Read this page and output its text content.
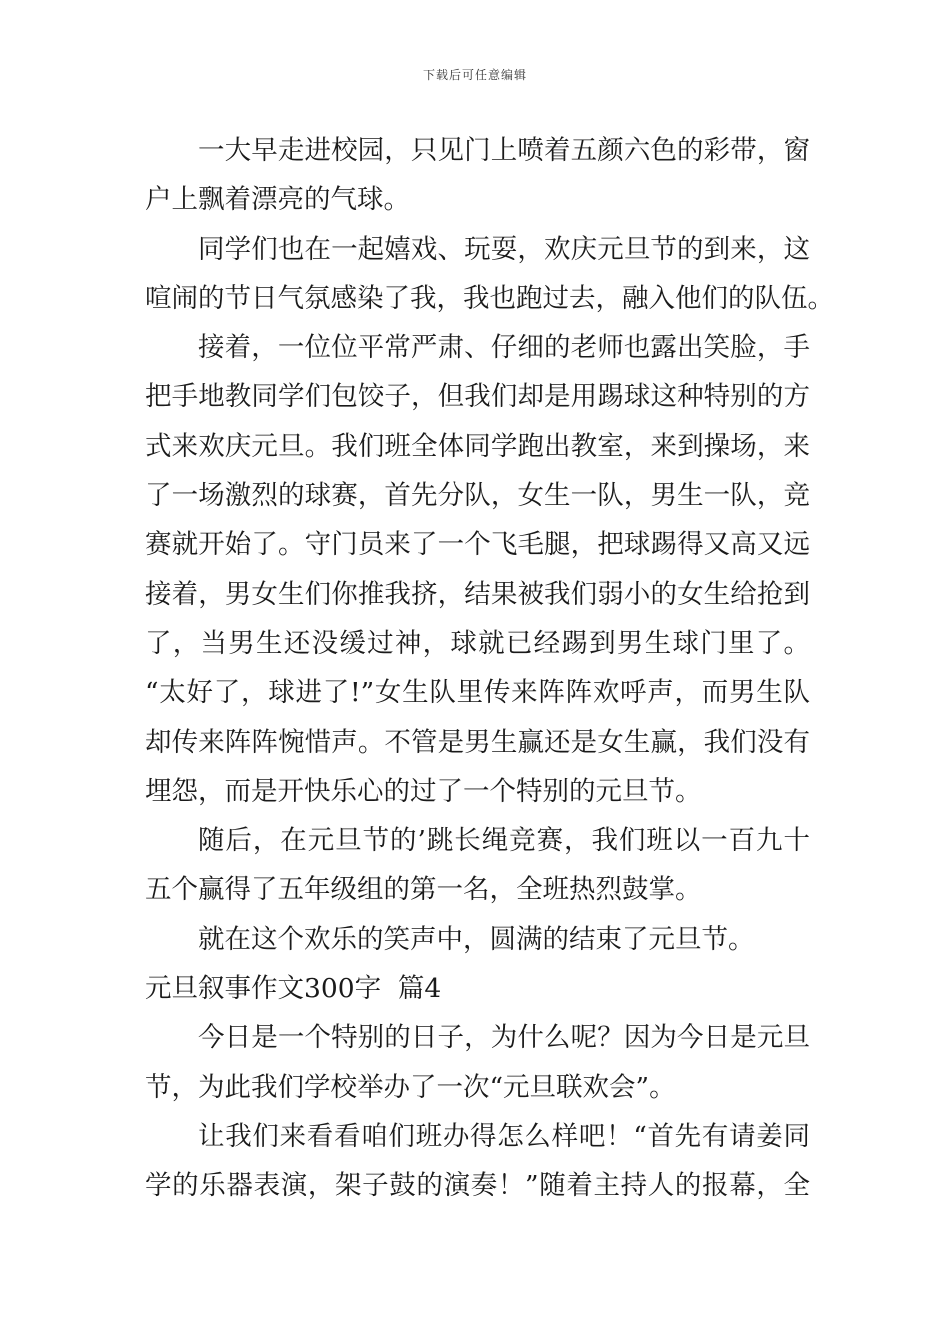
下载后可任意编辑
一大早走进校园，只见门上喷着五颜六色的彩带，窗
户上飘着漂亮的气球。
同学们也在一起嬉戏、玩耍，欢庆元旦节的到来，这
喧闹的节日气氛感染了我，我也跑过去，融入他们的队伍。
接着，一位位平常严肃、仔细的老师也露出笑脸，手
把手地教同学们包饺子，但我们却是用踢球这种特别的方
式来欢庆元旦。我们班全体同学跑出教室，来到操场，来
了一场激烈的球赛，首先分队，女生一队，男生一队，竞
赛就开始了。守门员来了一个飞毛腿，把球踢得又高又远
接着，男女生们你推我挤，结果被我们弱小的女生给抢到
了，当男生还没缓过神，球就已经踢到男生球门里了。
“太好了，球进了!”女生队里传来阵阵欢呼声，而男生队
却传来阵阵惋惜声。不管是男生赢还是女生赢，我们没有
埋怨，而是开快乐心的过了一个特别的元旦节。
随后，在元旦节的’跳长绳竞赛，我们班以一百九十
五个赢得了五年级组的第一名，全班热烈鼓掌。
就在这个欢乐的笑声中，圆满的结束了元旦节。
元旦叙事作文300字  篇4
今日是一个特别的日子，为什么呢？因为今日是元旦
节，为此我们学校举办了一次“元旦联欢会”。
让我们来看看咱们班办得怎么样吧！“首先有请姜同
学的乐器表演，架子鼓的演奏！”随着主持人的报幕，全
